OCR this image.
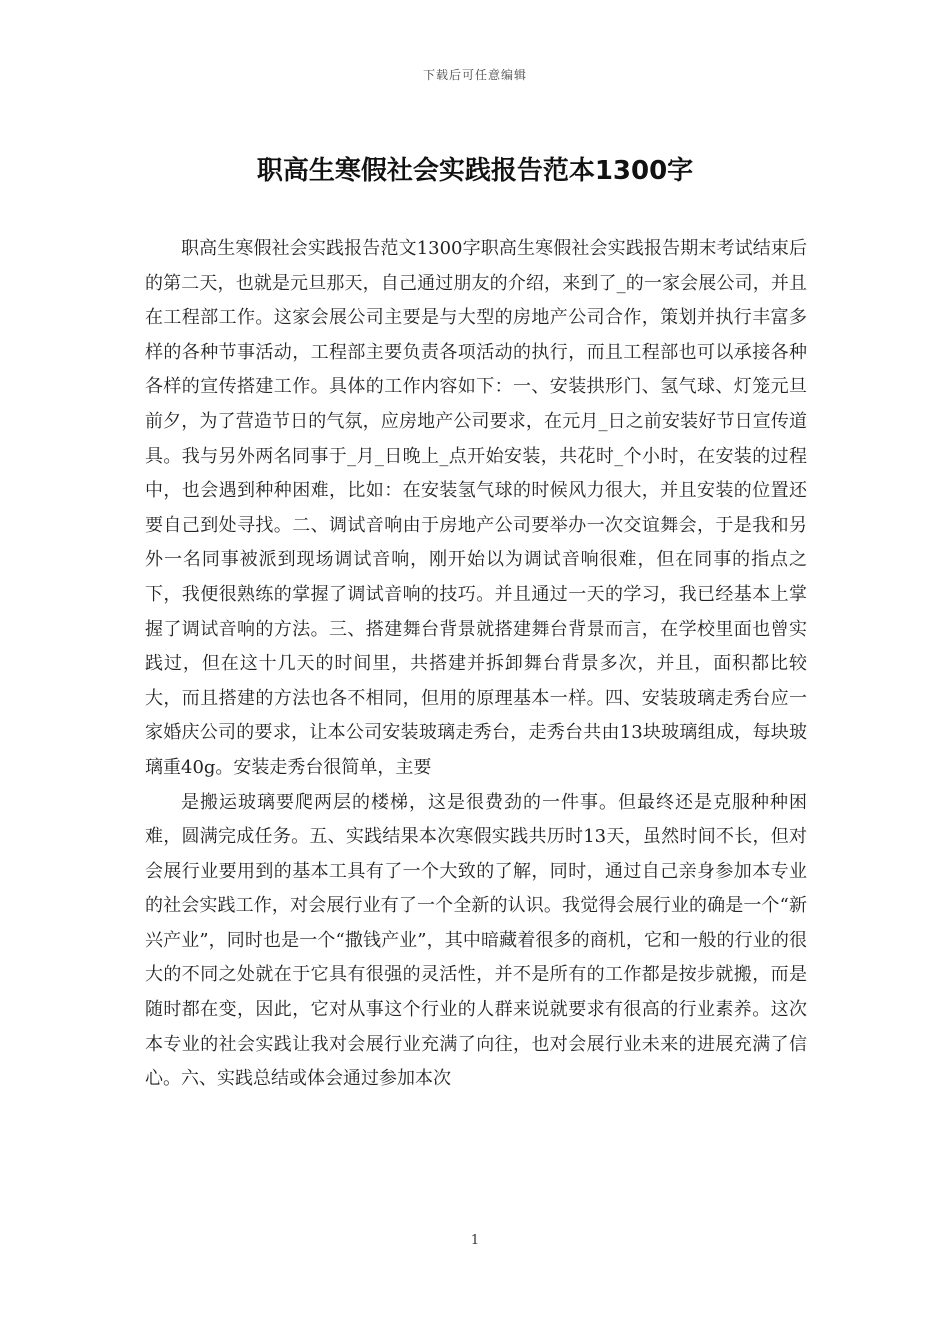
下载后可任意编辑
职高生寒假社会实践报告范本1300字

职高生寒假社会实践报告范文1300字职高生寒假社会实践报告期末考试结束后的第二天，也就是元旦那天，自己通过朋友的介绍，来到了_的一家会展公司，并且在工程部工作。这家会展公司主要是与大型的房地产公司合作，策划并执行丰富多样的各种节事活动，工程部主要负责各项活动的执行，而且工程部也可以承接各种各样的宣传搭建工作。具体的工作内容如下：一、安装拱形门、氢气球、灯笼元旦前夕，为了营造节日的气氛，应房地产公司要求，在元月_日之前安装好节日宣传道具。我与另外两名同事于_月_日晚上_点开始安装，共花时_个小时，在安装的过程中，也会遇到种种困难，比如：在安装氢气球的时候风力很大，并且安装的位置还要自己到处寻找。二、调试音响由于房地产公司要举办一次交谊舞会，于是我和另外一名同事被派到现场调试音响，刚开始以为调试音响很难，但在同事的指点之下，我便很熟练的掌握了调试音响的技巧。并且通过一天的学习，我已经基本上掌握了调试音响的方法。三、搭建舞台背景就搭建舞台背景而言，在学校里面也曾实践过，但在这十几天的时间里，共搭建并拆卸舞台背景多次，并且，面积都比较大，而且搭建的方法也各不相同，但用的原理基本一样。四、安装玻璃走秀台应一家婚庆公司的要求，让本公司安装玻璃走秀台，走秀台共由13块玻璃组成，每块玻璃重40g。安装走秀台很简单，主要

是搬运玻璃要爬两层的楼梯，这是很费劲的一件事。但最终还是克服种种困难，圆满完成任务。五、实践结果本次寒假实践共历时13天，虽然时间不长，但对会展行业要用到的基本工具有了一个大致的了解，同时，通过自己亲身参加本专业的社会实践工作，对会展行业有了一个全新的认识。我觉得会展行业的确是一个“新兴产业”，同时也是一个“撒钱产业”，其中暗藏着很多的商机，它和一般的行业的很大的不同之处就在于它具有很强的灵活性，并不是所有的工作都是按步就搬，而是随时都在变，因此，它对从事这个行业的人群来说就要求有很高的行业素养。这次本专业的社会实践让我对会展行业充满了向往，也对会展行业未来的进展充满了信心。六、实践总结或体会通过参加本次

1
